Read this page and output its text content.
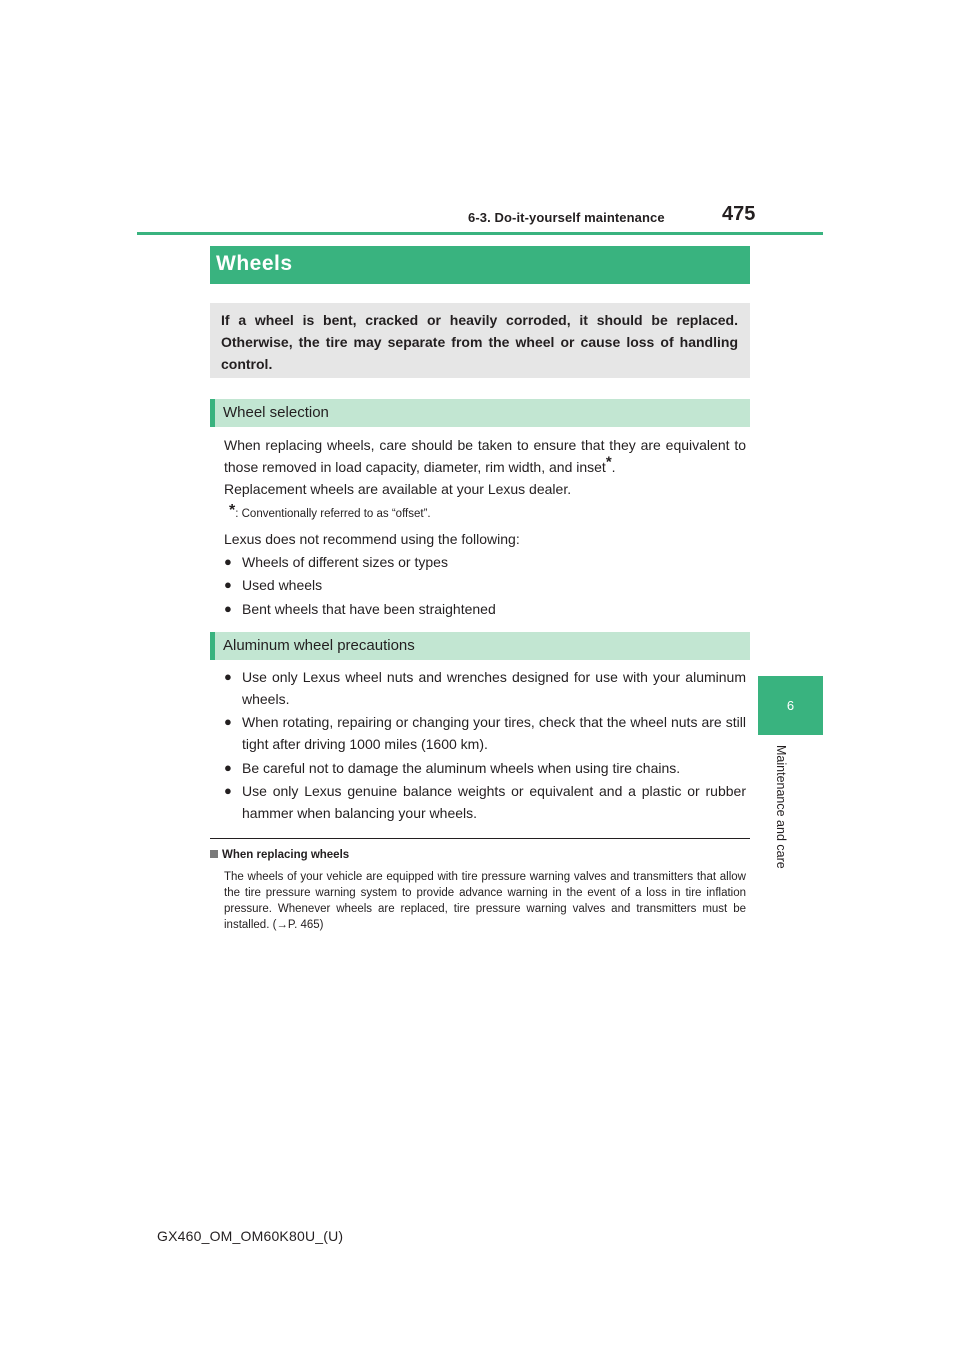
6-3. Do-it-yourself maintenance	475
6
Maintenance and care
Wheels

If a wheel is bent, cracked or heavily corroded, it should be replaced. Otherwise, the tire may separate from the wheel or cause loss of handling control.

Wheel selection
When replacing wheels, care should be taken to ensure that they are equivalent to those removed in load capacity, diameter, rim width, and inset*.
Replacement wheels are available at your Lexus dealer.
*: Conventionally referred to as “offset”.
Lexus does not recommend using the following:
● Wheels of different sizes or types
● Used wheels
● Bent wheels that have been straightened
Aluminum wheel precautions
● Use only Lexus wheel nuts and wrenches designed for use with your aluminum wheels.
● When rotating, repairing or changing your tires, check that the wheel nuts are still tight after driving 1000 miles (1600 km).
● Be careful not to damage the aluminum wheels when using tire chains.
● Use only Lexus genuine balance weights or equivalent and a plastic or rubber hammer when balancing your wheels.
When replacing wheels
The wheels of your vehicle are equipped with tire pressure warning valves and transmitters that allow the tire pressure warning system to provide advance warning in the event of a loss in tire inflation pressure. Whenever wheels are replaced, tire pressure warning valves and transmitters must be installed. (→P. 465)
GX460_OM_OM60K80U_(U)
